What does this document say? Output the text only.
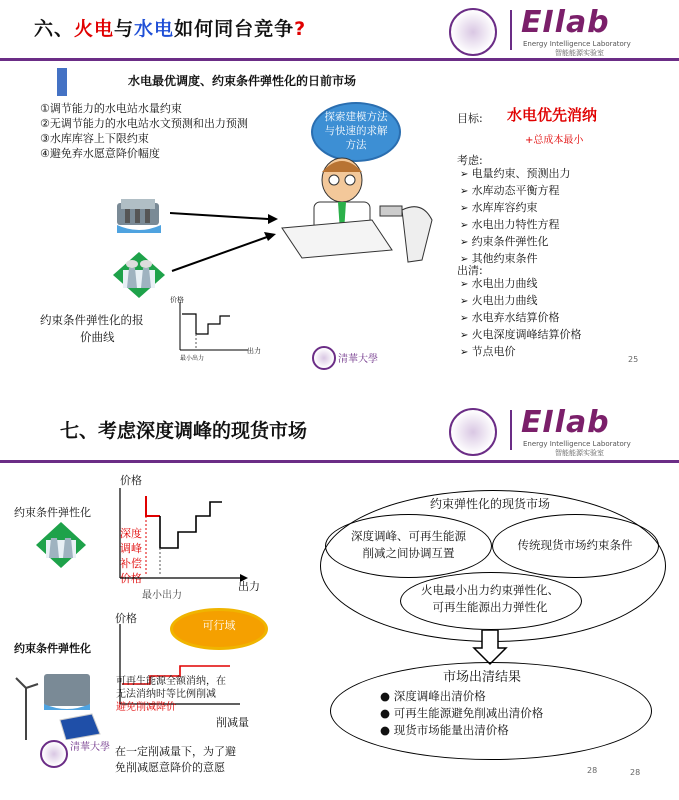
六、火电与水电如何同台竞争?	EIlab
Energy Intelligence Laboratory
智能能源实验室
水电最优调度、约束条件弹性化的日前市场
①调节能力的水电站水量约束
②无调节能力的水电站水文预测和出力预测
③水库库容上下限约束
④避免弃水愿意降价幅度
探索建模方法
与快速的求解
方法
目标: 水电优先消纳
+总成本最小
考虑:
➢ 电量约束、预测出力
➢ 水库动态平衡方程
➢ 水库库容约束
➢ 水电出力特性方程
➢ 约束条件弹性化
➢ 其他约束条件
出清:
➢ 水电出力曲线
➢ 火电出力曲线
➢ 水电弃水结算价格
➢ 火电深度调峰结算价格
➢ 节点电价
约束条件弹性化的报
价曲线
价格
出力
最小出力	清華大學	25
七、考虑深度调峰的现货市场	EIlab
Energy Intelligence Laboratory
智能能源实验室
约束条件弹性化
价格
深度
调峰
补偿
价格
出力
最小出力
约束条件弹性化
价格
可行域
可再生能源全额消纳，在
无法消纳时等比例削减
避免削减降价
削减量
清華大學 在一定削减量下，为了避
免削减愿意降价的意愿
约束弹性化的现货市场
深度调峰、可再生能源
削减之间协调互置
传统现货市场约束条件
火电最小出力约束弹性化、
可再生能源出力弹性化
市场出清结果
● 深度调峰出清价格
● 可再生能源避免削减出清价格
● 现货市场能量出清价格
28	28
